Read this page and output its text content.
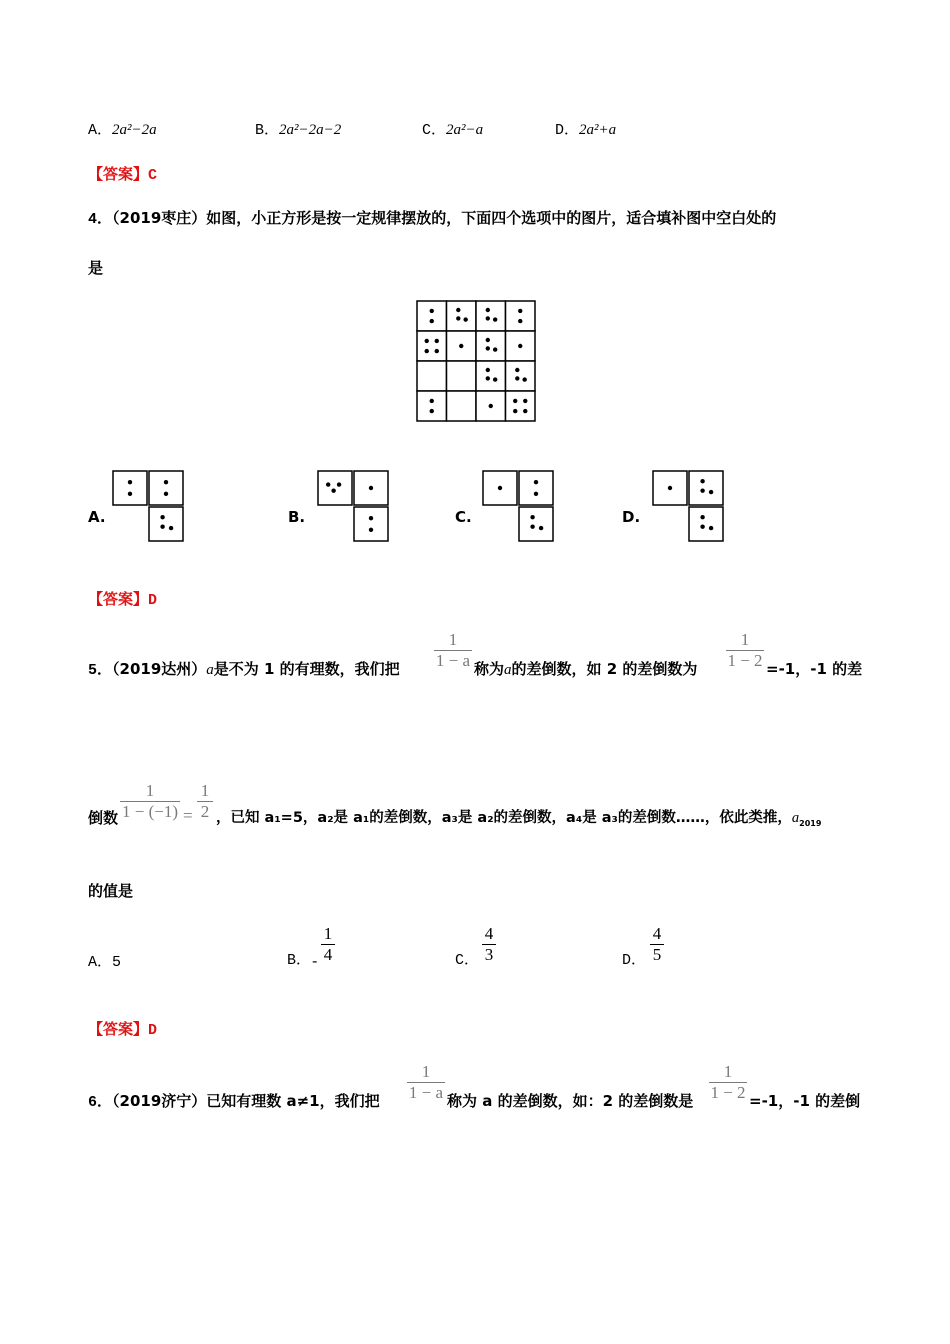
A．2a²−2a	B．2a²−2a−2	C．2a²−a	D．2a²+a
【答案】C
4．（2019枣庄）如图，小正方形是按一定规律摆放的，下面四个选项中的图片，适合填补图中空白处的
是
A.	B.	C.	D.
【答案】D
5．（2019达州）a是不为 1 的有理数，我们把
1
1 − a 称为a的差倒数，如 2 的差倒数为
1
1 − 2 =-1，-1 的差
倒数
1
1 − (−1) =
1
2 ，已知 a₁=5，a₂是 a₁的差倒数，a₃是 a₂的差倒数，a₄是 a₃的差倒数……，依此类推，$a_{2019}$
的值是
A．5	B． -
1
4	C．
4
3	D．
4
5
【答案】D
6．（2019济宁）已知有理数 a≠1，我们把
1
1 − a 称为 a 的差倒数，如：2 的差倒数是
1
1 − 2 =-1，-1 的差倒
